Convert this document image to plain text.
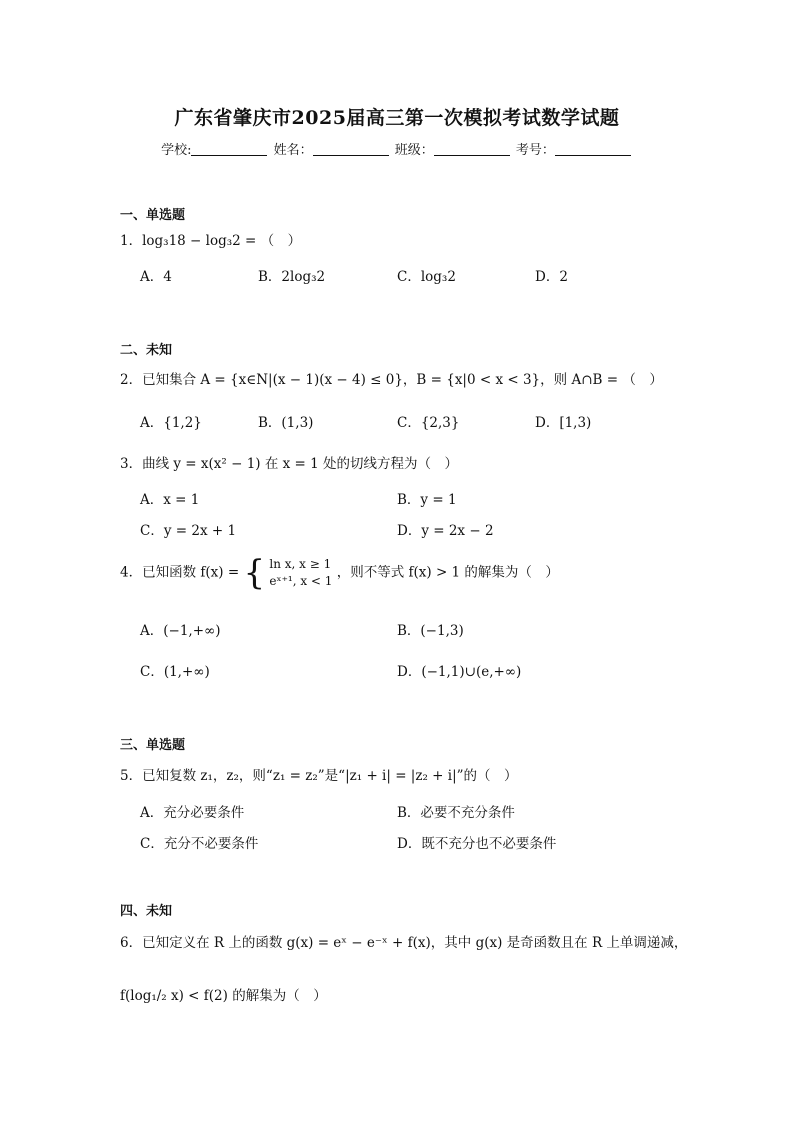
广东省肇庆市2025届高三第一次模拟考试数学试题
学校:	姓名：	班级：	考号：
一、单选题
1．log₃18 − log₃2 = （　）
A．4	B．2log₃2	C．log₃2	D．2
二、未知
2．已知集合 A = {x∈N|(x − 1)(x − 4) ≤ 0}，B = {x|0 < x < 3}，则 A∩B = （　）
A．{1,2}	B．(1,3)	C．{2,3}	D．[1,3)
3．曲线 y = x(x² − 1) 在 x = 1 处的切线方程为（　）
A．x = 1	B．y = 1
C．y = 2x + 1	D．y = 2x − 2
4．已知函数 f(x) = { ln x, x ≥ 1
eˣ⁺¹, x < 1
，则不等式 f(x) > 1 的解集为（　）
A．(−1,+∞)	B．(−1,3)
C．(1,+∞)	D．(−1,1)∪(e,+∞)
三、单选题
5．已知复数 z₁，z₂，则“z₁ = z₂”是“|z₁ + i| = |z₂ + i|”的（　）
A．充分必要条件	B．必要不充分条件
C．充分不必要条件	D．既不充分也不必要条件
四、未知
6．已知定义在 R 上的函数 g(x) = eˣ − e⁻ˣ + f(x)，其中 g(x) 是奇函数且在 R 上单调递减，
f(log₁/₂ x) < f(2) 的解集为（　）
